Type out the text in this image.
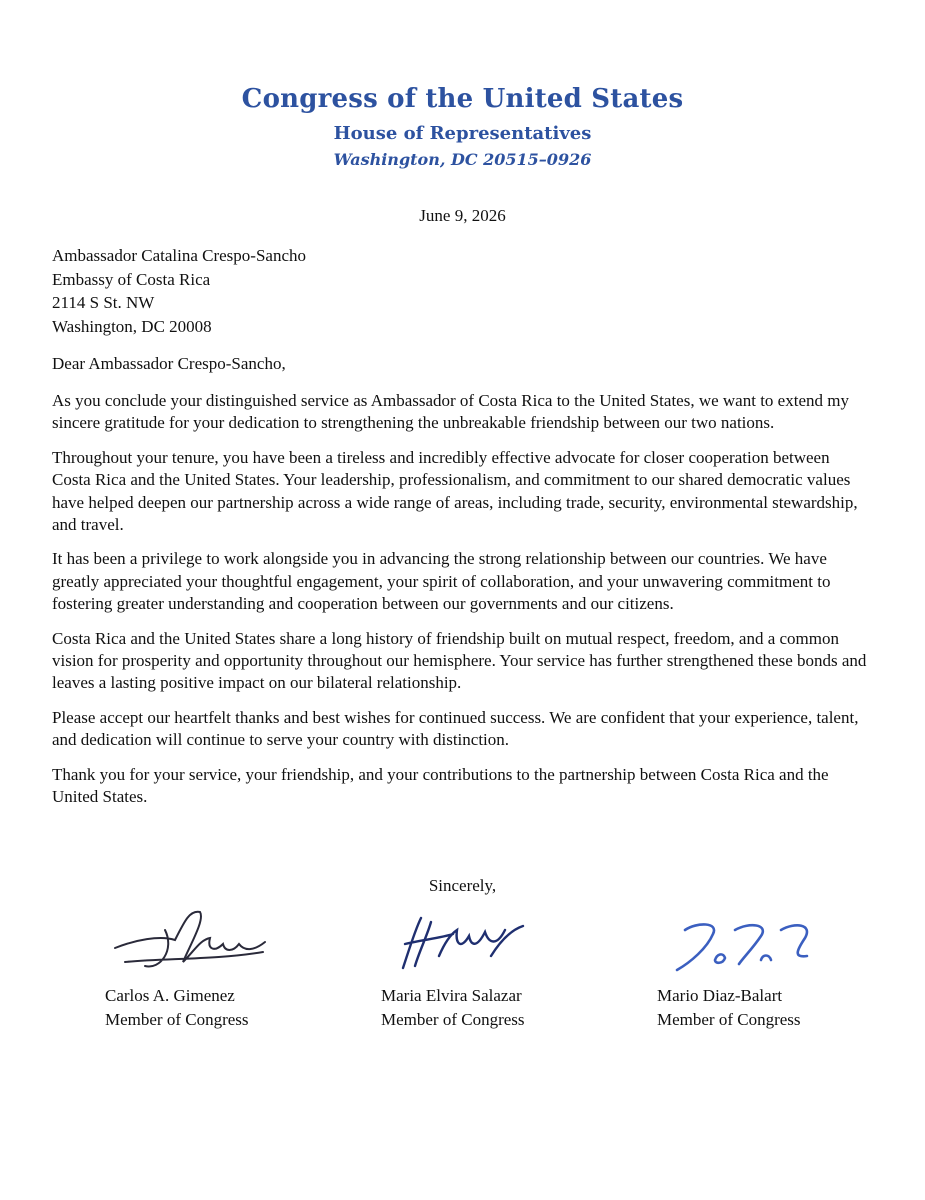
Congress of the United States
House of Representatives
Washington, DC 20515–0926
June 9, 2026
Ambassador Catalina Crespo-Sancho
Embassy of Costa Rica
2114 S St. NW
Washington, DC 20008
Dear Ambassador Crespo-Sancho,

As you conclude your distinguished service as Ambassador of Costa Rica to the United States, we want to extend my sincere gratitude for your dedication to strengthening the unbreakable friendship between our two nations.

Throughout your tenure, you have been a tireless and incredibly effective advocate for closer cooperation between Costa Rica and the United States. Your leadership, professionalism, and commitment to our shared democratic values have helped deepen our partnership across a wide range of areas, including trade, security, environmental stewardship, and travel.

It has been a privilege to work alongside you in advancing the strong relationship between our countries. We have greatly appreciated your thoughtful engagement, your spirit of collaboration, and your unwavering commitment to fostering greater understanding and cooperation between our governments and our citizens.

Costa Rica and the United States share a long history of friendship built on mutual respect, freedom, and a common vision for prosperity and opportunity throughout our hemisphere. Your service has further strengthened these bonds and leaves a lasting positive impact on our bilateral relationship.

Please accept our heartfelt thanks and best wishes for continued success. We are confident that your experience, talent, and dedication will continue to serve your country with distinction.

Thank you for your service, your friendship, and your contributions to the partnership between Costa Rica and the United States.

Sincerely,
Carlos A. Gimenez
Member of Congress
Maria Elvira Salazar
Member of Congress
Mario Diaz-Balart
Member of Congress
